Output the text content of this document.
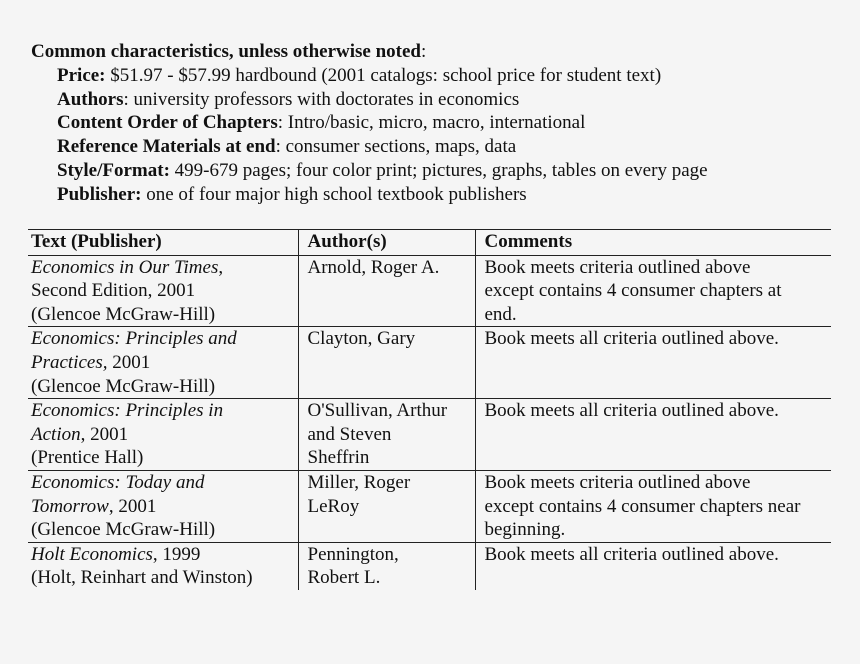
Common characteristics, unless otherwise noted:
Price: $51.97 - $57.99 hardbound (2001 catalogs: school price for student text)
Authors: university professors with doctorates in economics
Content Order of Chapters: Intro/basic, micro, macro, international
Reference Materials at end: consumer sections, maps, data
Style/Format: 499-679 pages; four color print; pictures, graphs, tables on every page
Publisher: one of four major high school textbook publishers
Text (Publisher)	Author(s)	Comments

Economics in Our Times,
Second Edition, 2001
(Glencoe McGraw-Hill)	Arnold, Roger A.	Book meets criteria outlined above
except contains 4 consumer chapters at
end.

Economics: Principles and
Practices, 2001
(Glencoe McGraw-Hill)	Clayton, Gary	Book meets all criteria outlined above.

Economics: Principles in
Action, 2001
(Prentice Hall)	O'Sullivan, Arthur
and Steven
Sheffrin	Book meets all criteria outlined above.

Economics: Today and
Tomorrow, 2001
(Glencoe McGraw-Hill)	Miller, Roger
LeRoy	Book meets criteria outlined above
except contains 4 consumer chapters near
beginning.

Holt Economics, 1999
(Holt, Reinhart and Winston)	Pennington,
Robert L.	Book meets all criteria outlined above.
